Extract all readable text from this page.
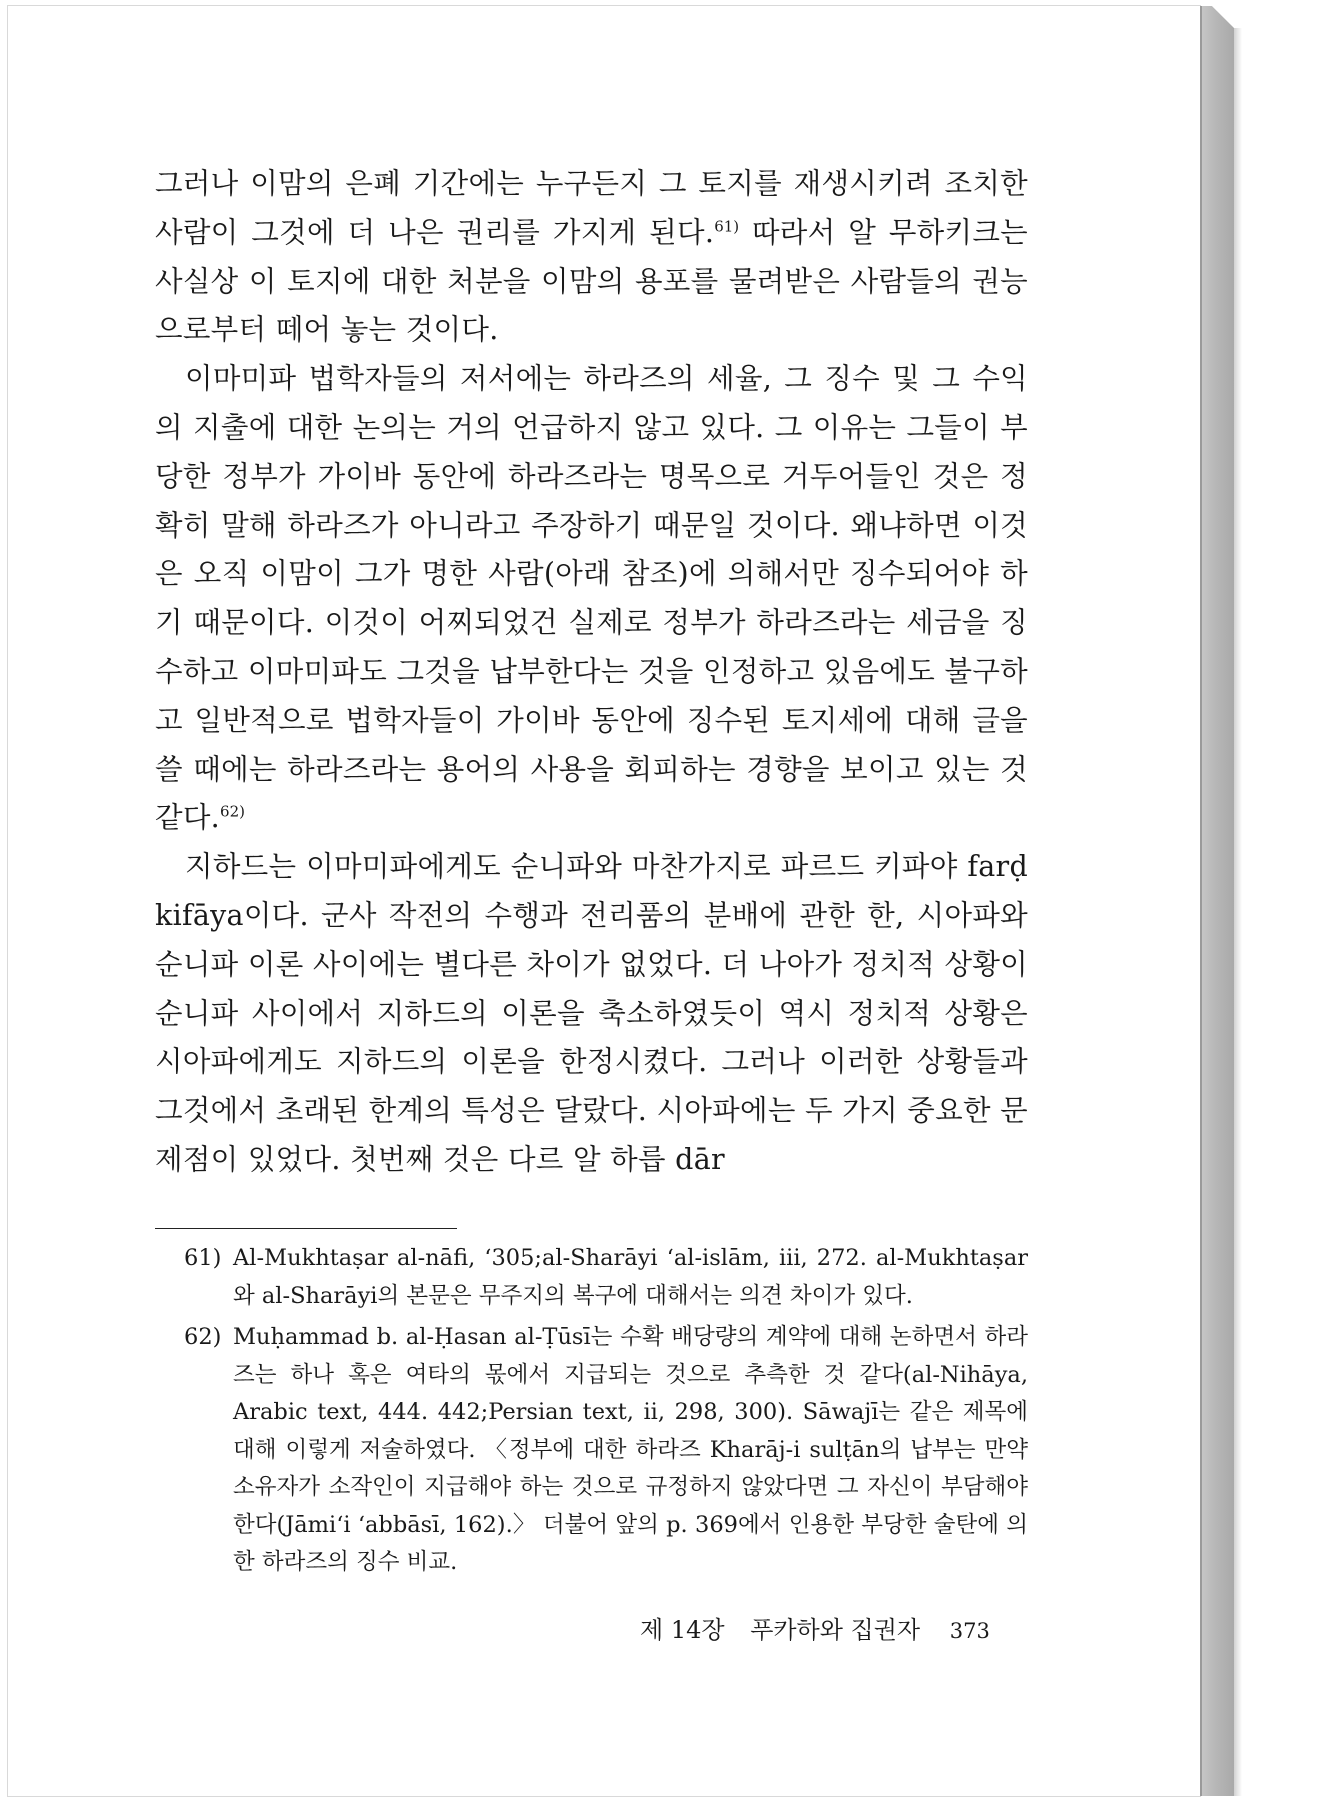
그러나 이맘의 은폐 기간에는 누구든지 그 토지를 재생시키려 조치한 사람이 그것에 더 나은 권리를 가지게 된다.$^{61)}$ 따라서 알 무하키크는 사실상 이 토지에 대한 처분을 이맘의 용포를 물려받은 사람들의 권능으로부터 떼어 놓는 것이다.

이마미파 법학자들의 저서에는 하라즈의 세율, 그 징수 및 그 수익의 지출에 대한 논의는 거의 언급하지 않고 있다. 그 이유는 그들이 부당한 정부가 가이바 동안에 하라즈라는 명목으로 거두어들인 것은 정확히 말해 하라즈가 아니라고 주장하기 때문일 것이다. 왜냐하면 이것은 오직 이맘이 그가 명한 사람(아래 참조)에 의해서만 징수되어야 하기 때문이다. 이것이 어찌되었건 실제로 정부가 하라즈라는 세금을 징수하고 이마미파도 그것을 납부한다는 것을 인정하고 있음에도 불구하고 일반적으로 법학자들이 가이바 동안에 징수된 토지세에 대해 글을 쓸 때에는 하라즈라는 용어의 사용을 회피하는 경향을 보이고 있는 것 같다.$^{62)}$

지하드는 이마미파에게도 순니파와 마찬가지로 파르드 키파야 farḍ kifāya이다. 군사 작전의 수행과 전리품의 분배에 관한 한, 시아파와 순니파 이론 사이에는 별다른 차이가 없었다. 더 나아가 정치적 상황이 순니파 사이에서 지하드의 이론을 축소하였듯이 역시 정치적 상황은 시아파에게도 지하드의 이론을 한정시켰다. 그러나 이러한 상황들과 그것에서 초래된 한계의 특성은 달랐다. 시아파에는 두 가지 중요한 문제점이 있었다. 첫번째 것은 다르 알 하릅 dār

61) Al-Mukhtaṣar al-nāfi, ‘305;al-Sharāyi ‘al-islām, iii, 272. al-Mukhtaṣar와 al-Sharāyi의 본문은 무주지의 복구에 대해서는 의견 차이가 있다.
62) Muḥammad b. al-Ḥasan al-Ṭūsī는 수확 배당량의 계약에 대해 논하면서 하라즈는 하나 혹은 여타의 몫에서 지급되는 것으로 추측한 것 같다(al-Nihāya, Arabic text, 444. 442;Persian text, ii, 298, 300). Sāwajī는 같은 제목에 대해 이렇게 저술하였다. 〈정부에 대한 하라즈 Kharāj-i sulṭān의 납부는 만약 소유자가 소작인이 지급해야 하는 것으로 규정하지 않았다면 그 자신이 부담해야 한다(Jāmi‘i ‘abbāsī, 162).〉 더불어 앞의 p. 369에서 인용한 부당한 술탄에 의한 하라즈의 징수 비교.
제 14장 푸카하와 집권자 373
